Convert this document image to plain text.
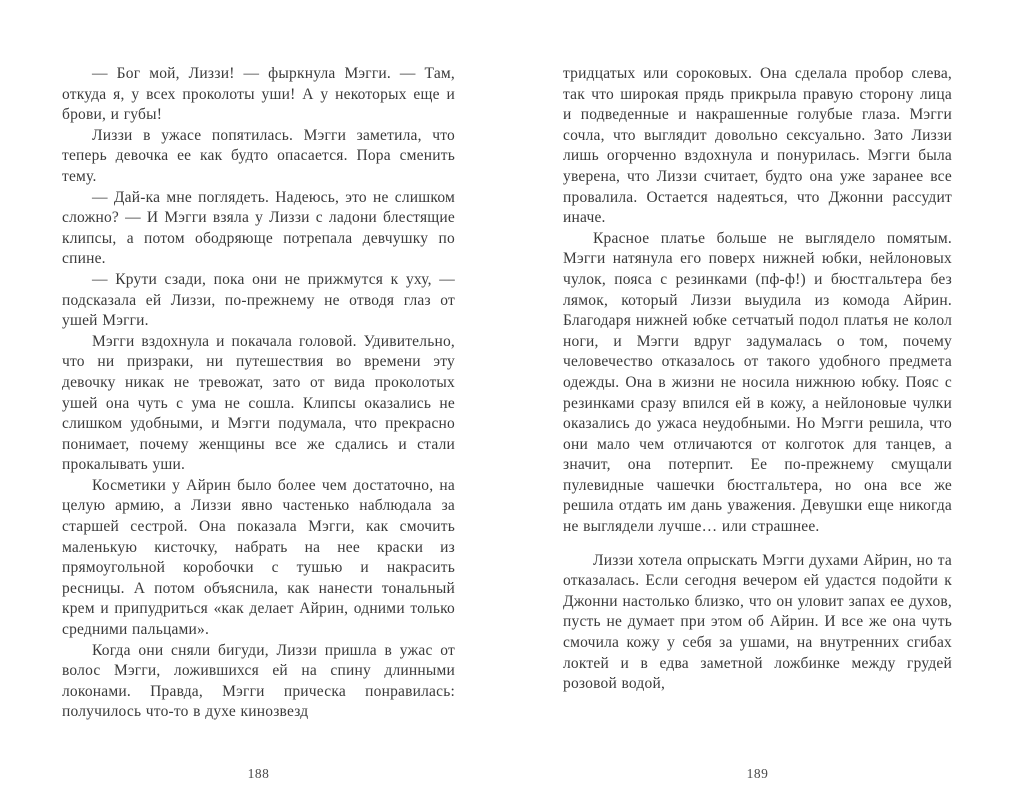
— Бог мой, Лиззи! — фыркнула Мэгги. — Там, откуда я, у всех проколоты уши! А у некоторых еще и брови, и губы!

Лиззи в ужасе попятилась. Мэгги заметила, что теперь девочка ее как будто опасается. Пора сменить тему.

— Дай-ка мне поглядеть. Надеюсь, это не слишком сложно? — И Мэгги взяла у Лиззи с ладони блестящие клипсы, а потом ободряюще потрепала девчушку по спине.

— Крути сзади, пока они не прижмутся к уху, — подсказала ей Лиззи, по-прежнему не отводя глаз от ушей Мэгги.

Мэгги вздохнула и покачала головой. Удивительно, что ни призраки, ни путешествия во времени эту девочку никак не тревожат, зато от вида проколотых ушей она чуть с ума не сошла. Клипсы оказались не слишком удобными, и Мэгги подумала, что прекрасно понимает, почему женщины все же сдались и стали прокалывать уши.

Косметики у Айрин было более чем достаточно, на целую армию, а Лиззи явно частенько наблюдала за старшей сестрой. Она показала Мэгги, как смочить маленькую кисточку, набрать на нее краски из прямоугольной коробочки с тушью и накрасить ресницы. А потом объяснила, как нанести тональный крем и припудриться «как делает Айрин, одними только средними пальцами».

Когда они сняли бигуди, Лиззи пришла в ужас от волос Мэгги, ложившихся ей на спину длинными локонами. Правда, Мэгги прическа понравилась: получилось что-то в духе кинозвезд

188

тридцатых или сороковых. Она сделала пробор слева, так что широкая прядь прикрыла правую сторону лица и подведенные и накрашенные голубые глаза. Мэгги сочла, что выглядит довольно сексуально. Зато Лиззи лишь огорченно вздохнула и понурилась. Мэгги была уверена, что Лиззи считает, будто она уже заранее все провалила. Остается надеяться, что Джонни рассудит иначе.

Красное платье больше не выглядело помятым. Мэгги натянула его поверх нижней юбки, нейлоновых чулок, пояса с резинками (пф-ф!) и бюстгальтера без лямок, который Лиззи выудила из комода Айрин. Благодаря нижней юбке сетчатый подол платья не колол ноги, и Мэгги вдруг задумалась о том, почему человечество отказалось от такого удобного предмета одежды. Она в жизни не носила нижнюю юбку. Пояс с резинками сразу впился ей в кожу, а нейлоновые чулки оказались до ужаса неудобными. Но Мэгги решила, что они мало чем отличаются от колготок для танцев, а значит, она потерпит. Ее по-прежнему смущали пулевидные чашечки бюстгальтера, но она все же решила отдать им дань уважения. Девушки еще никогда не выглядели лучше… или страшнее.

Лиззи хотела опрыскать Мэгги духами Айрин, но та отказалась. Если сегодня вечером ей удастся подойти к Джонни настолько близко, что он уловит запах ее духов, пусть не думает при этом об Айрин. И все же она чуть смочила кожу у себя за ушами, на внутренних сгибах локтей и в едва заметной ложбинке между грудей розовой водой,

189
